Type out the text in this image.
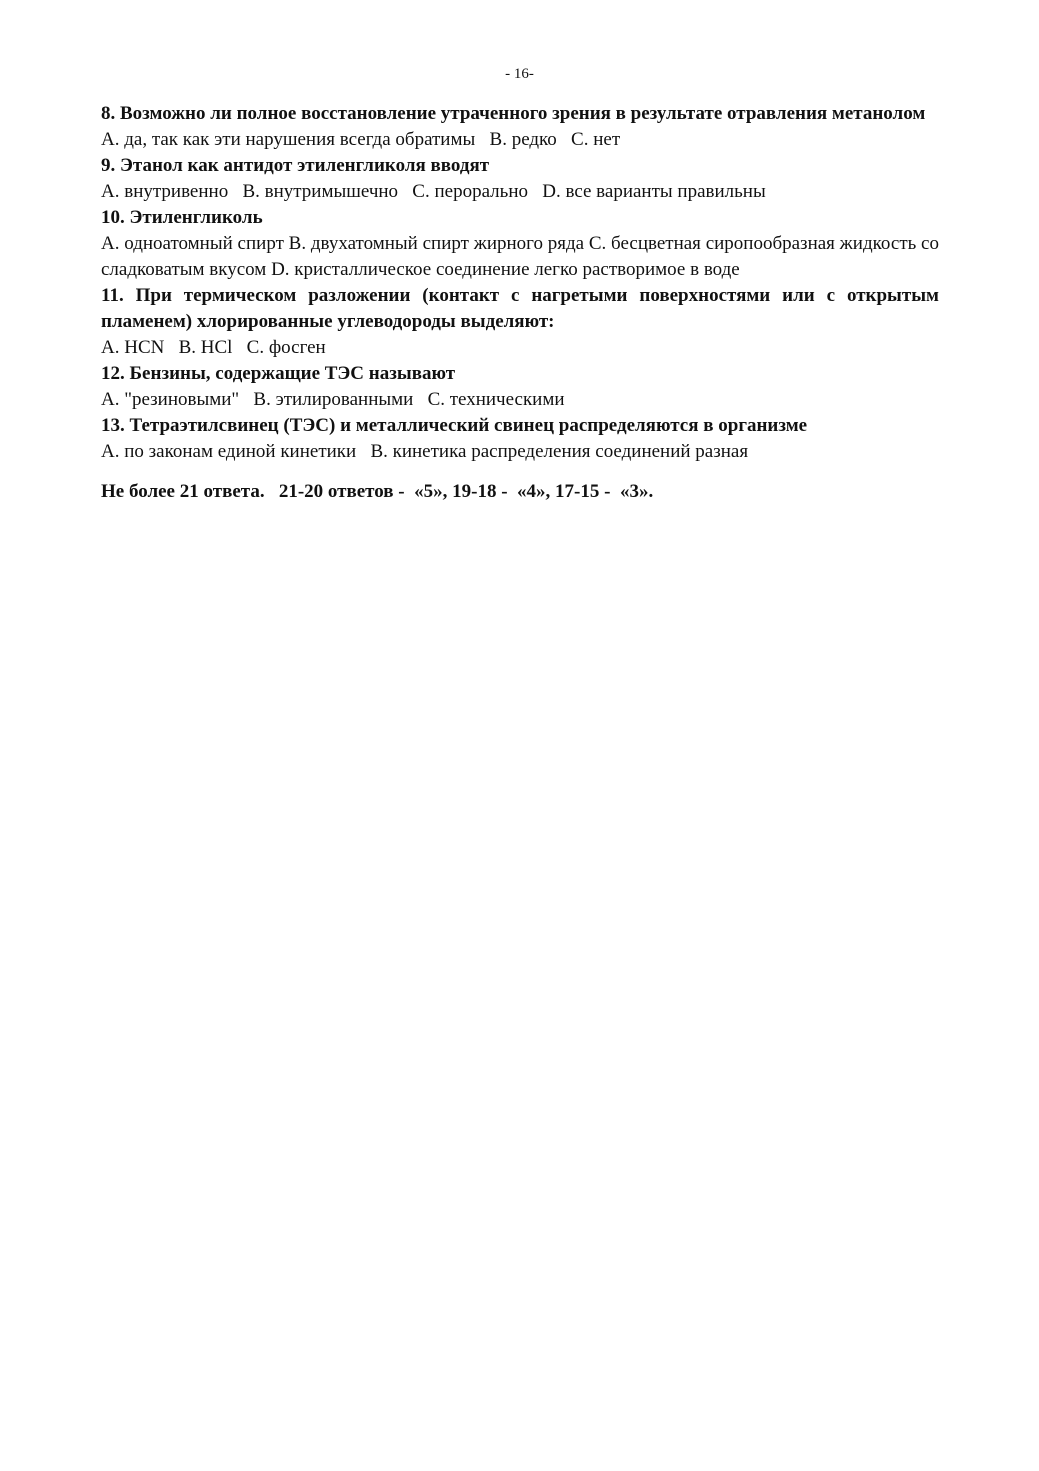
- 16-
8. Возможно ли полное восстановление утраченного зрения в результате отравления метанолом
А. да, так как эти нарушения всегда обратимы   В. редко   С. нет
9. Этанол как антидот этиленгликоля вводят
А. внутривенно   В. внутримышечно   С. перорально   D. все варианты правильны
10. Этиленгликоль
А. одноатомный спирт В. двухатомный спирт жирного ряда С. бесцветная сиропообразная жидкость со сладковатым вкусом D. кристаллическое соединение легко растворимое в воде
11. При термическом разложении (контакт с нагретыми поверхностями или с открытым пламенем) хлорированные углеводороды выделяют:
А. HCN   В. HCl   С. фосген
12. Бензины, содержащие ТЭС называют
А. "резиновыми"   В. этилированными   С. техническими
13. Тетраэтилсвинец (ТЭС) и металлический свинец распределяются в организме
А. по законам единой кинетики   В. кинетика распределения соединений разная
Не более 21 ответа.   21-20 ответов -  «5», 19-18 -  «4», 17-15 -  «3».
